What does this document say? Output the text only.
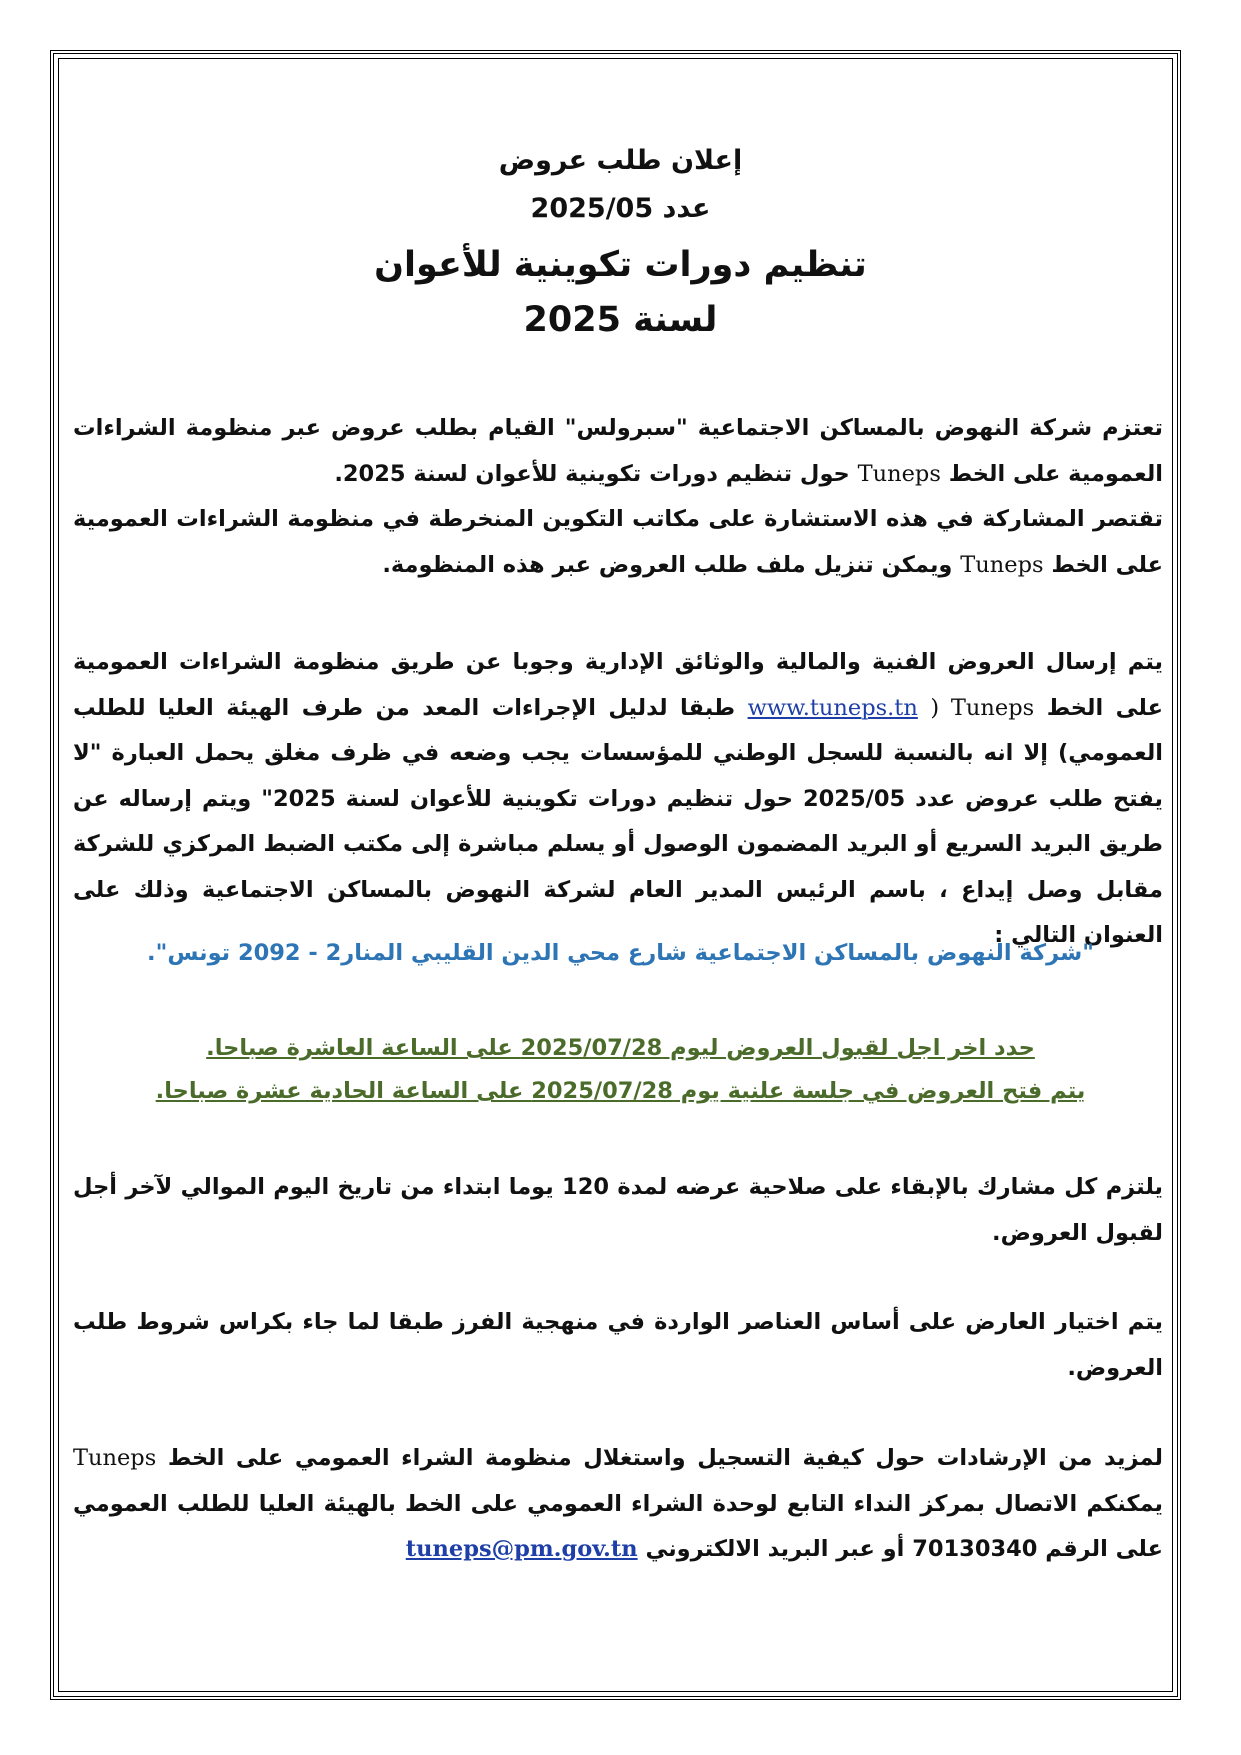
إعلان طلب عروض
عدد 2025/05
تنظيم دورات تكوينية للأعوان
لسنة 2025

تعتزم شركة النهوض بالمساكن الاجتماعية "سبرولس" القيام بطلب عروض عبر منظومة الشراءات العمومية على الخط Tuneps حول تنظيم دورات تكوينية للأعوان لسنة 2025.

تقتصر المشاركة في هذه الاستشارة على مكاتب التكوين المنخرطة في منظومة الشراءات العمومية على الخط Tuneps ويمكن تنزيل ملف طلب العروض عبر هذه المنظومة.

يتم إرسال العروض الفنية والمالية والوثائق الإدارية وجوبا عن طريق منظومة الشراءات العمومية على الخط Tuneps ( www.tuneps.tn طبقا لدليل الإجراءات المعد من طرف الهيئة العليا للطلب العمومي) إلا انه بالنسبة للسجل الوطني للمؤسسات يجب وضعه في ظرف مغلق يحمل العبارة "لا يفتح طلب عروض عدد 2025/05 حول تنظيم دورات تكوينية للأعوان لسنة 2025" ويتم إرساله عن طريق البريد السريع أو البريد المضمون الوصول أو يسلم مباشرة إلى مكتب الضبط المركزي للشركة مقابل وصل إيداع ، باسم الرئيس المدير العام لشركة النهوض بالمساكن الاجتماعية وذلك على العنوان التالي :

"شركة النهوض بالمساكن الاجتماعية شارع محي الدين القليبي المنار2 - 2092 تونس".
حدد اخر اجل لقبول العروض ليوم 2025/07/28 على الساعة العاشرة صباحا.
يتم فتح العروض في جلسة علنية يوم 2025/07/28 على الساعة الحادية عشرة صباحا.

يلتزم كل مشارك بالإبقاء على صلاحية عرضه لمدة 120 يوما ابتداء من تاريخ اليوم الموالي لآخر أجل لقبول العروض.

يتم اختيار العارض على أساس العناصر الواردة في منهجية الفرز طبقا لما جاء بكراس شروط طلب العروض.

لمزيد من الإرشادات حول كيفية التسجيل واستغلال منظومة الشراء العمومي على الخط Tuneps يمكنكم الاتصال بمركز النداء التابع لوحدة الشراء العمومي على الخط بالهيئة العليا للطلب العمومي على الرقم 70130340 أو عبر البريد الالكتروني tuneps@pm.gov.tn
